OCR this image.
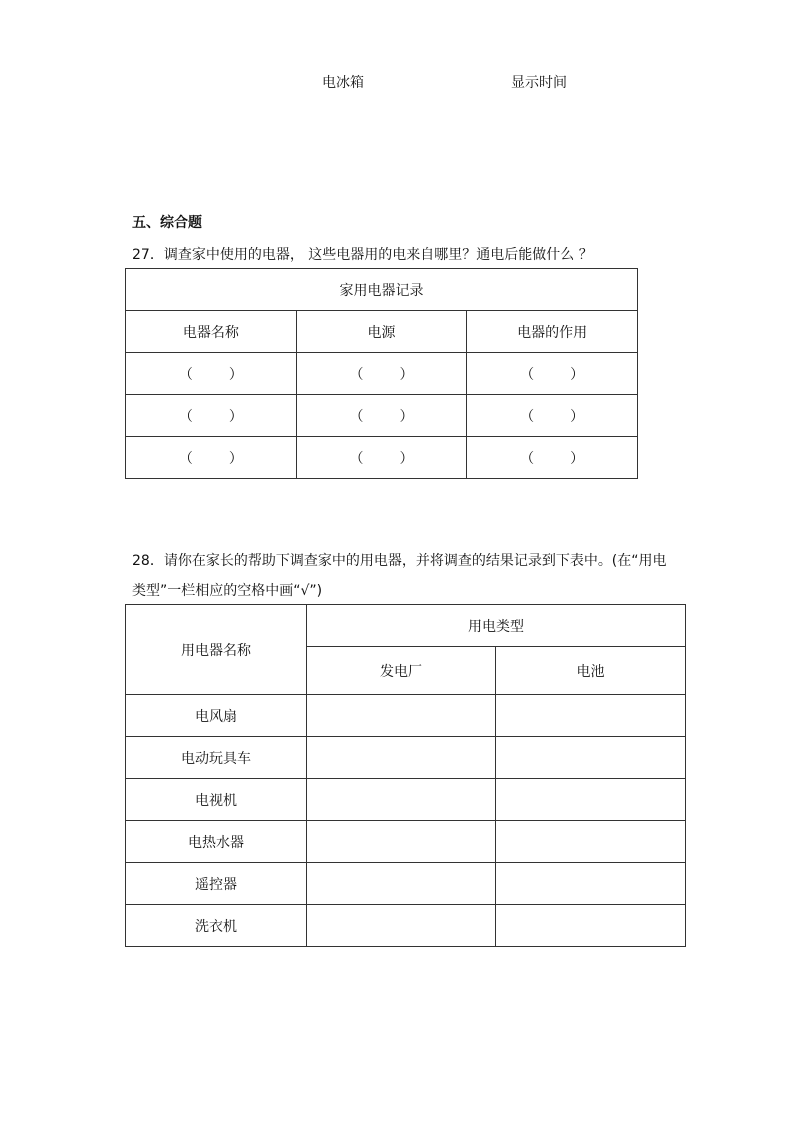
电冰箱	显示时间
五、综合题
27．调查家中使用的电器， 这些电器用的电来自哪里？通电后能做什么 ？
家用电器记录		
电器名称	电源	电器的作用
（ ）	（ ）	（ ）
（ ）	（ ）	（ ）
（ ）	（ ）	（ ）
28．请你在家长的帮助下调查家中的用电器，并将调查的结果记录到下表中。(在“用电
类型”一栏相应的空格中画“√”)
用电器名称	用电类型	
	发电厂	电池
电风扇		
电动玩具车		
电视机		
电热水器		
遥控器		
洗衣机		
